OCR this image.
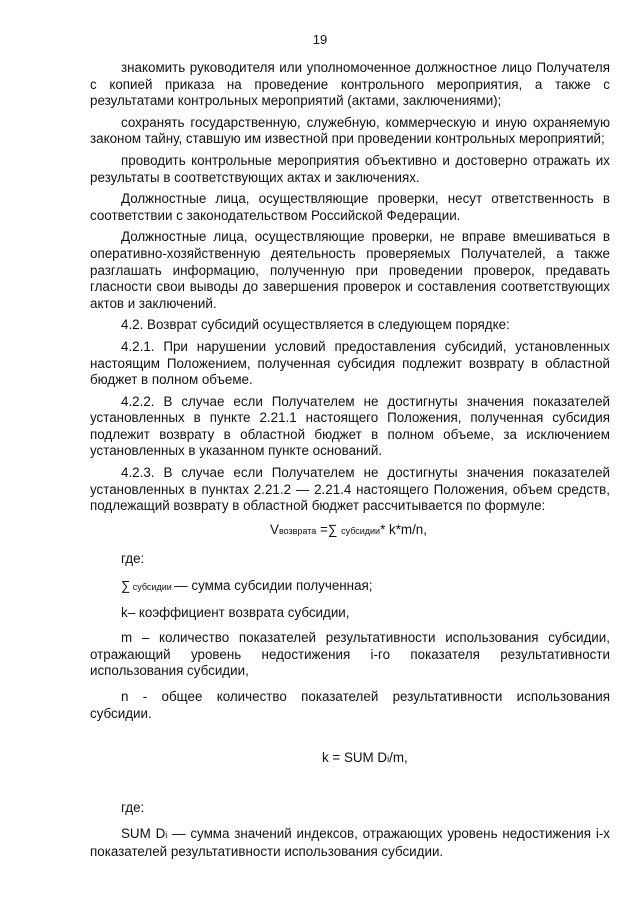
19

знакомить руководителя или уполномоченное должностное лицо Получателя с копией приказа на проведение контрольного мероприятия, а также с результатами контрольных мероприятий (актами, заключениями);

сохранять государственную, служебную, коммерческую и иную охраняемую законом тайну, ставшую им известной при проведении контрольных мероприятий;

проводить контрольные мероприятия объективно и достоверно отражать их результаты в соответствующих актах и заключениях.

Должностные лица, осуществляющие проверки, несут ответственность в соответствии с законодательством Российской Федерации.

Должностные лица, осуществляющие проверки, не вправе вмешиваться в оперативно-хозяйственную деятельность проверяемых Получателей, а также разглашать информацию, полученную при проведении проверок, предавать гласности свои выводы до завершения проверок и составления соответствующих актов и заключений.

4.2. Возврат субсидий осуществляется в следующем порядке:

4.2.1. При нарушении условий предоставления субсидий, установленных настоящим Положением, полученная субсидия подлежит возврату в областной бюджет в полном объеме.

4.2.2. В случае если Получателем не достигнуты значения показателей установленных в пункте 2.21.1 настоящего Положения, полученная субсидия подлежит возврату в областной бюджет в полном объеме, за исключением установленных в указанном пункте оснований.

4.2.3. В случае если Получателем не достигнуты значения показателей установленных в пунктах 2.21.2 — 2.21.4 настоящего Положения, объем средств, подлежащий возврату в областной бюджет рассчитывается по формуле:

Vвозврата =∑ субсидии* k*m/n,

где:

∑ субсидии — сумма субсидии полученная;

k– коэффициент возврата субсидии,

m – количество показателей результативности использования субсидии, отражающий уровень недостижения i-го показателя результативности использования субсидии,

n - общее количество показателей результативности использования субсидии.

k = SUM Di/m,

где:

SUM Di — сумма значений индексов, отражающих уровень недостижения i-х показателей результативности использования субсидии.
